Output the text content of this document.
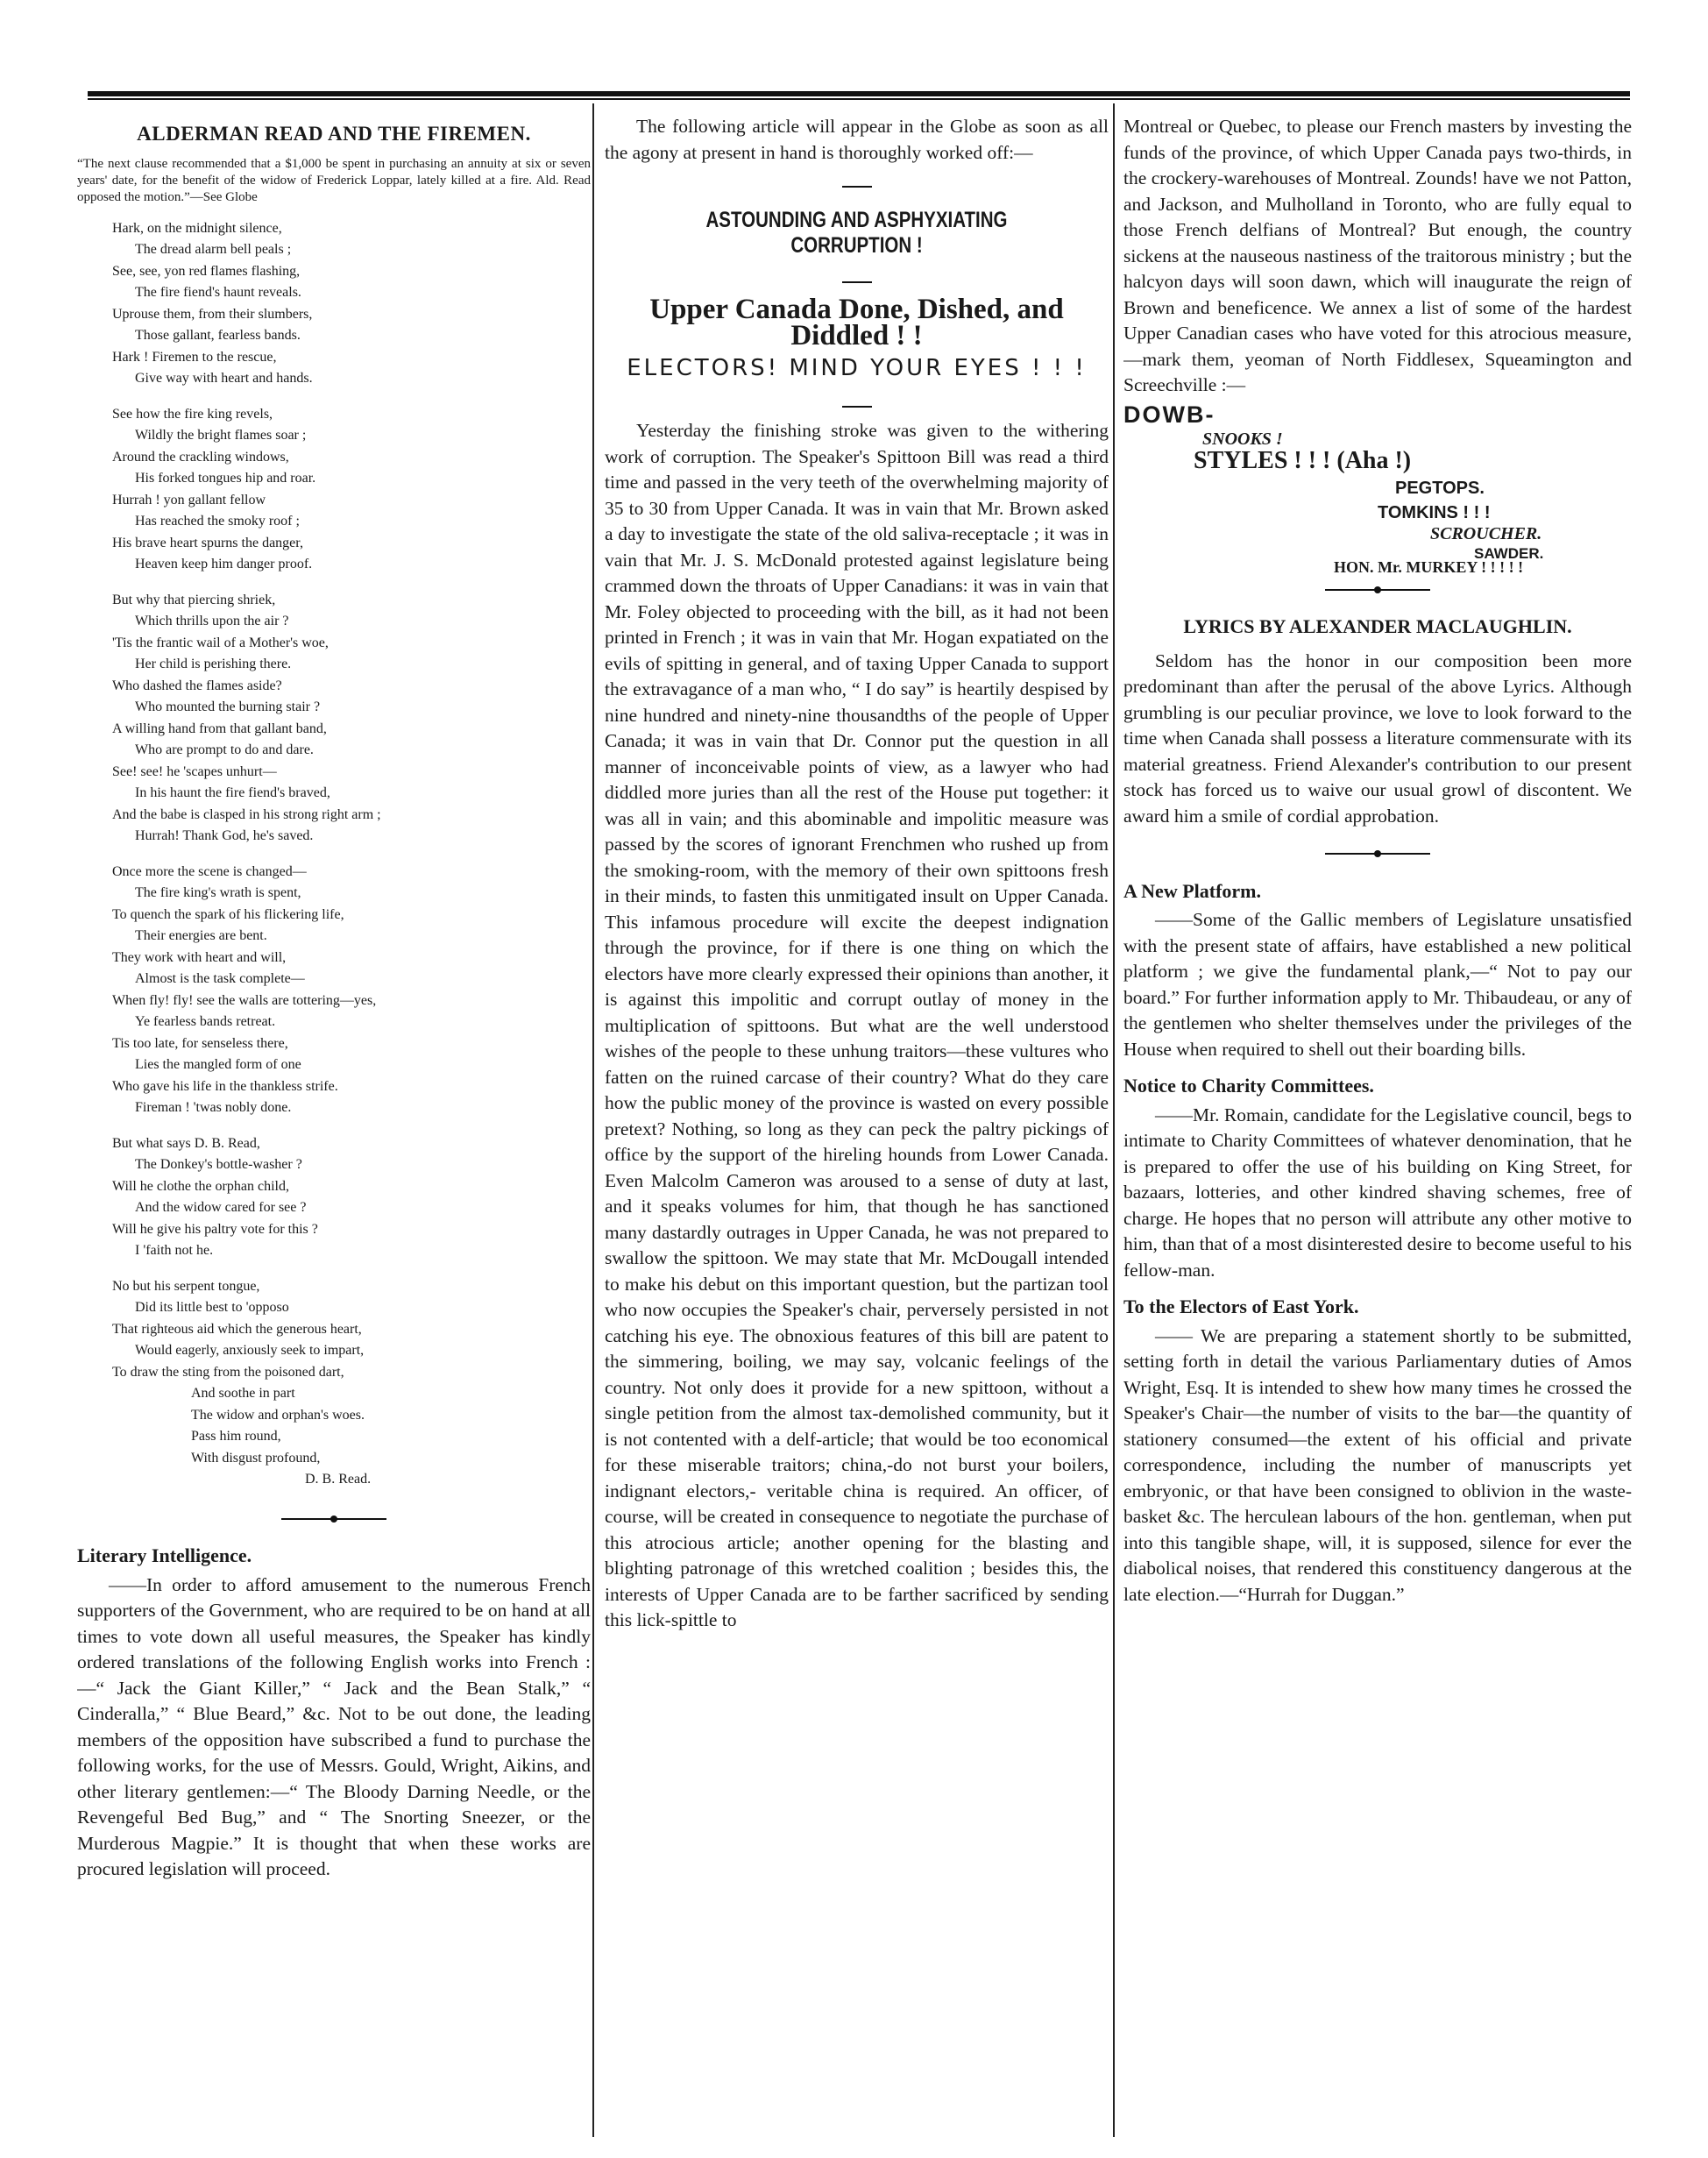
ALDERMAN READ AND THE FIREMEN.

“The next clause recommended that a $1,000 be spent in purchasing an annuity at six or seven years' date, for the benefit of the widow of Frederick Loppar, lately killed at a fire. Ald. Read opposed the motion.”—See Globe

Hark, on the midnight silence,
The dread alarm bell peals ;
See, see, yon red flames flashing,
The fire fiend's haunt reveals.
Uprouse them, from their slumbers,
Those gallant, fearless bands.
Hark ! Firemen to the rescue,
Give way with heart and hands.
See how the fire king revels,
Wildly the bright flames soar ;
Around the crackling windows,
His forked tongues hip and roar.
Hurrah ! yon gallant fellow
Has reached the smoky roof ;
His brave heart spurns the danger,
Heaven keep him danger proof.
But why that piercing shriek,
Which thrills upon the air ?
'Tis the frantic wail of a Mother's woe,
Her child is perishing there.
Who dashed the flames aside?
Who mounted the burning stair ?
A willing hand from that gallant band,
Who are prompt to do and dare.
See! see! he 'scapes unhurt—
In his haunt the fire fiend's braved,
And the babe is clasped in his strong right arm ;
Hurrah! Thank God, he's saved.
Once more the scene is changed—
The fire king's wrath is spent,
To quench the spark of his flickering life,
Their energies are bent.
They work with heart and will,
Almost is the task complete—
When fly! fly! see the walls are tottering—yes,
Ye fearless bands retreat.
Tis too late, for senseless there,
Lies the mangled form of one
Who gave his life in the thankless strife.
Fireman ! 'twas nobly done.
But what says D. B. Read,
The Donkey's bottle-washer ?
Will he clothe the orphan child,
And the widow cared for see ?
Will he give his paltry vote for this ?
I 'faith not he.
No but his serpent tongue,
Did its little best to 'opposo
That righteous aid which the generous heart,
Would eagerly, anxiously seek to impart,
To draw the sting from the poisoned dart,
And soothe in part
The widow and orphan's woes.
Pass him round,
With disgust profound,
D. B. Read.
Literary Intelligence.

——In order to afford amusement to the numerous French supporters of the Government, who are required to be on hand at all times to vote down all useful measures, the Speaker has kindly ordered translations of the following English works into French :—“ Jack the Giant Killer,” “ Jack and the Bean Stalk,” “ Cinderalla,” “ Blue Beard,” &c. Not to be out done, the leading members of the opposition have subscribed a fund to purchase the following works, for the use of Messrs. Gould, Wright, Aikins, and other literary gentlemen:—“ The Bloody Darning Needle, or the Revengeful Bed Bug,” and “ The Snorting Sneezer, or the Murderous Magpie.” It is thought that when these works are procured legislation will proceed.

The following article will appear in the Globe as soon as all the agony at present in hand is thoroughly worked off:—

ASTOUNDING AND ASPHYXIATING CORRUPTION !
Upper Canada Done, Dished, and Diddled ! !
ELECTORS! MIND YOUR EYES ! ! !

Yesterday the finishing stroke was given to the withering work of corruption. The Speaker's Spittoon Bill was read a third time and passed in the very teeth of the overwhelming majority of 35 to 30 from Upper Canada. It was in vain that Mr. Brown asked a day to investigate the state of the old saliva-receptacle ; it was in vain that Mr. J. S. McDonald protested against legislature being crammed down the throats of Upper Canadians: it was in vain that Mr. Foley objected to proceeding with the bill, as it had not been printed in French ; it was in vain that Mr. Hogan expatiated on the evils of spitting in general, and of taxing Upper Canada to support the extravagance of a man who, “ I do say” is heartily despised by nine hundred and ninety-nine thousandths of the people of Upper Canada; it was in vain that Dr. Connor put the question in all manner of inconceivable points of view, as a lawyer who had diddled more juries than all the rest of the House put together: it was all in vain; and this abominable and impolitic measure was passed by the scores of ignorant Frenchmen who rushed up from the smoking-room, with the memory of their own spittoons fresh in their minds, to fasten this unmitigated insult on Upper Canada. This infamous procedure will excite the deepest indignation through the province, for if there is one thing on which the electors have more clearly expressed their opinions than another, it is against this impolitic and corrupt outlay of money in the multiplication of spittoons. But what are the well understood wishes of the people to these unhung traitors—these vultures who fatten on the ruined carcase of their country? What do they care how the public money of the province is wasted on every possible pretext? Nothing, so long as they can peck the paltry pickings of office by the support of the hireling hounds from Lower Canada. Even Malcolm Cameron was aroused to a sense of duty at last, and it speaks volumes for him, that though he has sanctioned many dastardly outrages in Upper Canada, he was not prepared to swallow the spittoon. We may state that Mr. McDougall intended to make his debut on this important question, but the partizan tool who now occupies the Speaker's chair, perversely persisted in not catching his eye. The obnoxious features of this bill are patent to the simmering, boiling, we may say, volcanic feelings of the country. Not only does it provide for a new spittoon, without a single petition from the almost tax-demolished community, but it is not contented with a delf-article; that would be too economical for these miserable traitors; china,-do not burst your boilers, indignant electors,- veritable china is required. An officer, of course, will be created in consequence to negotiate the purchase of this atrocious article; another opening for the blasting and blighting patronage of this wretched coalition ; besides this, the interests of Upper Canada are to be farther sacrificed by sending this lick-spittle to

Montreal or Quebec, to please our French masters by investing the funds of the province, of which Upper Canada pays two-thirds, in the crockery-warehouses of Montreal. Zounds! have we not Patton, and Jackson, and Mulholland in Toronto, who are fully equal to those French delfians of Montreal? But enough, the country sickens at the nauseous nastiness of the traitorous ministry ; but the halcyon days will soon dawn, which will inaugurate the reign of Brown and beneficence. We annex a list of some of the hardest Upper Canadian cases who have voted for this atrocious measure,—mark them, yeoman of North Fiddlesex, Squeamington and Screechville :—

DOWB-
SNOOKS !
STYLES ! ! ! (Aha !)
PEGTOPS.
TOMKINS ! ! !
SCROUCHER.
SAWDER.
HON. Mr. MURKEY ! ! ! ! !
LYRICS BY ALEXANDER MACLAUGHLIN.

Seldom has the honor in our composition been more predominant than after the perusal of the above Lyrics. Although grumbling is our peculiar province, we love to look forward to the time when Canada shall possess a literature commensurate with its material greatness. Friend Alexander's contribution to our present stock has forced us to waive our usual growl of discontent. We award him a smile of cordial approbation.

A New Platform.

——Some of the Gallic members of Legislature unsatisfied with the present state of affairs, have established a new political platform ; we give the fundamental plank,—“ Not to pay our board.” For further information apply to Mr. Thibaudeau, or any of the gentlemen who shelter themselves under the privileges of the House when required to shell out their boarding bills.

Notice to Charity Committees.

——Mr. Romain, candidate for the Legislative council, begs to intimate to Charity Committees of whatever denomination, that he is prepared to offer the use of his building on King Street, for bazaars, lotteries, and other kindred shaving schemes, free of charge. He hopes that no person will attribute any other motive to him, than that of a most disinterested desire to become useful to his fellow-man.

To the Electors of East York.

—— We are preparing a statement shortly to be submitted, setting forth in detail the various Parliamentary duties of Amos Wright, Esq. It is intended to shew how many times he crossed the Speaker's Chair—the number of visits to the bar—the quantity of stationery consumed—the extent of his official and private correspondence, including the number of manuscripts yet embryonic, or that have been consigned to oblivion in the waste-basket &c. The herculean labours of the hon. gentleman, when put into this tangible shape, will, it is supposed, silence for ever the diabolical noises, that rendered this constituency dangerous at the late election.—“Hurrah for Duggan.”
